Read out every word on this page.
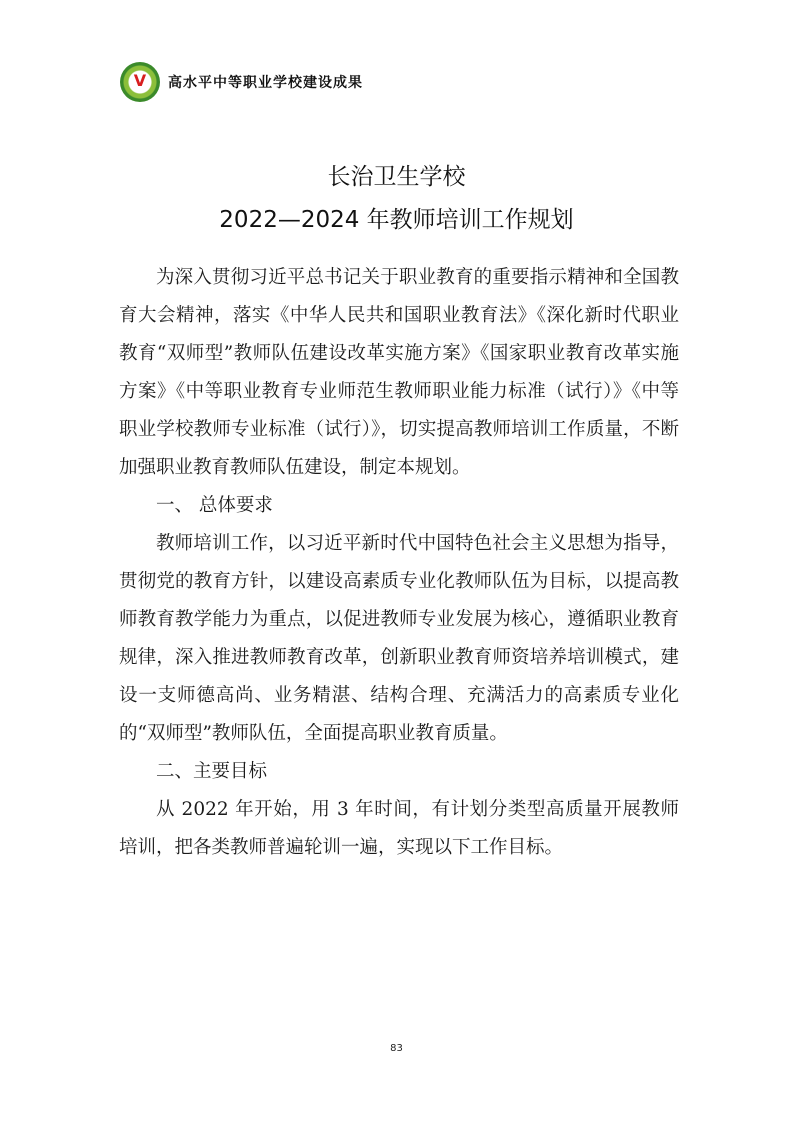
V	高水平中等职业学校建设成果
长治卫生学校
2022—2024 年教师培训工作规划

为深入贯彻习近平总书记关于职业教育的重要指示精神和全国教育大会精神，落实《中华人民共和国职业教育法》《深化新时代职业教育“双师型”教师队伍建设改革实施方案》《国家职业教育改革实施方案》《中等职业教育专业师范生教师职业能力标准（试行）》《中等职业学校教师专业标准（试行）》，切实提高教师培训工作质量，不断加强职业教育教师队伍建设，制定本规划。

一、 总体要求

教师培训工作，以习近平新时代中国特色社会主义思想为指导，贯彻党的教育方针，以建设高素质专业化教师队伍为目标，以提高教师教育教学能力为重点，以促进教师专业发展为核心，遵循职业教育规律，深入推进教师教育改革，创新职业教育师资培养培训模式，建设一支师德高尚、业务精湛、结构合理、充满活力的高素质专业化的“双师型”教师队伍，全面提高职业教育质量。

二、主要目标

从 2022 年开始，用 3 年时间，有计划分类型高质量开展教师培训，把各类教师普遍轮训一遍，实现以下工作目标。

83
